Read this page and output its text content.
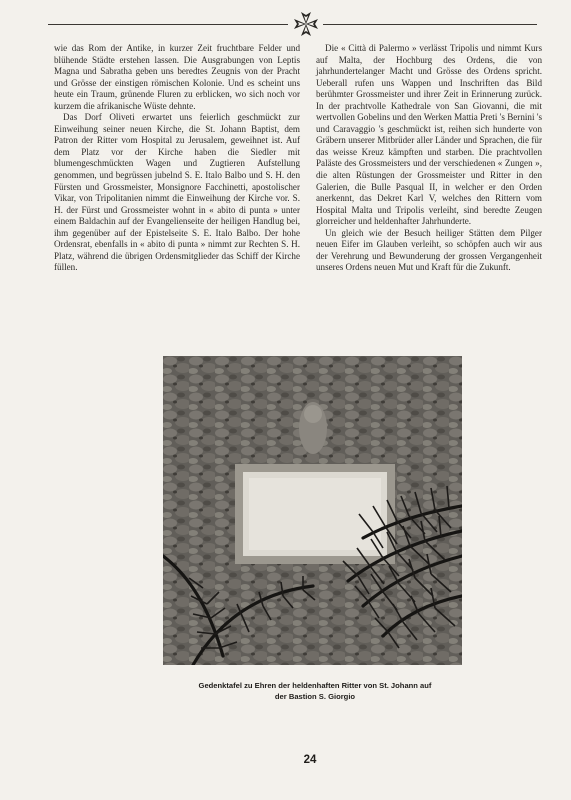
wie das Rom der Antike, in kurzer Zeit fruchtbare Felder und blühende Städte erstehen lassen. Die Ausgrabungen von Leptis Magna und Sabratha geben uns beredtes Zeugnis von der Pracht und Grösse der einstigen römischen Kolonie. Und es scheint uns heute ein Traum, grünende Fluren zu erblicken, wo sich noch vor kurzem die afrikanische Wüste dehnte.

Das Dorf Oliveti erwartet uns feierlich geschmückt zur Einweihung seiner neuen Kirche, die St. Johann Baptist, dem Patron der Ritter vom Hospital zu Jerusalem, geweihnet ist. Auf dem Platz vor der Kirche haben die Siedler mit blumengeschmückten Wagen und Zugtieren Aufstellung genommen, und begrüssen jubelnd S. E. Italo Balbo und S. H. den Fürsten und Grossmeister, Monsignore Facchinetti, apostolischer Vikar, von Tripolitanien nimmt die Einweihung der Kirche vor. S. H. der Fürst und Grossmeister wohnt in « abito di punta » unter einem Baldachin auf der Evangelienseite der heiligen Handlug bei, ihm gegenüber auf der Epistelseite S. E. Italo Balbo. Der hohe Ordensrat, ebenfalls in « abito di punta » nimmt zur Rechten S. H. Platz, während die übrigen Ordensmitglieder das Schiff der Kirche füllen.

Die « Città di Palermo » verlässt Tripolis und nimmt Kurs auf Malta, der Hochburg des Ordens, die von jahrhundertelanger Macht und Grösse des Ordens spricht. Ueberall rufen uns Wappen und Inschriften das Bild berühmter Grossmeister und ihrer Zeit in Erinnerung zurück. In der prachtvolle Kathedrale von San Giovanni, die mit wertvollen Gobelins und den Werken Mattia Preti 's Bernini 's und Caravaggio 's geschmückt ist, reihen sich hunderte von Gräbern unserer Mitbrüder aller Länder und Sprachen, die für das weisse Kreuz kämpften und starben. Die prachtvollen Paläste des Grossmeisters und der verschiedenen « Zungen », die alten Rüstungen der Grossmeister und Ritter in den Galerien, die Bulle Pasqual II, in welcher er den Orden anerkennt, das Dekret Karl V, welches den Rittern vom Hospital Malta und Tripolis verleiht, sind beredte Zeugen glorreicher und heldenhafter Jahrhunderte.

Un gleich wie der Besuch heiliger Stätten dem Pilger neuen Eifer im Glauben verleiht, so schöpfen auch wir aus der Verehrung und Bewunderung der grossen Vergangenheit unseres Ordens neuen Mut und Kraft für die Zukunft.

Gedenktafel zu Ehren der heldenhaften Ritter von St. Johann auf
der Bastion S. Giorgio
24
